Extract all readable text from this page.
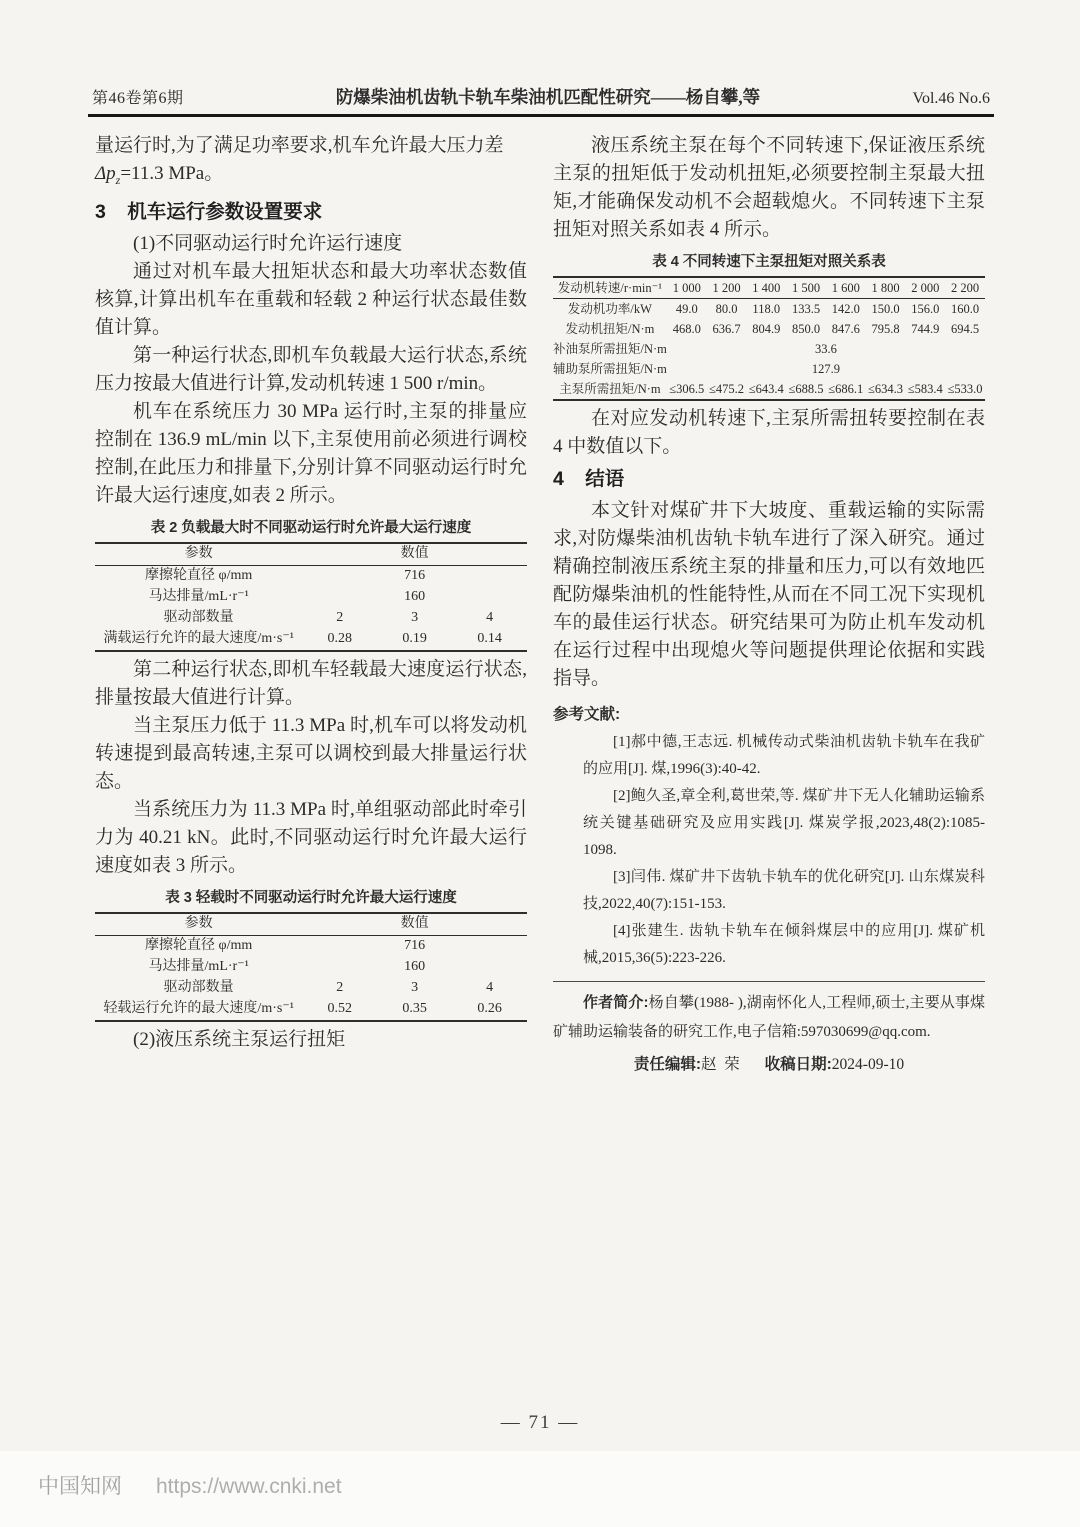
第46卷第6期	防爆柴油机齿轨卡轨车柴油机匹配性研究——杨自攀,等	Vol.46 No.6

量运行时,为了满足功率要求,机车允许最大压力差

$\Delta p_z=11.3$ MPa。

3 机车运行参数设置要求

(1)不同驱动运行时允许运行速度

通过对机车最大扭矩状态和最大功率状态数值核算,计算出机车在重载和轻载 2 种运行状态最佳数值计算。

第一种运行状态,即机车负载最大运行状态,系统压力按最大值进行计算,发动机转速 1 500 r/min。

机车在系统压力 30 MPa 运行时,主泵的排量应控制在 136.9 mL/min 以下,主泵使用前必须进行调校控制,在此压力和排量下,分别计算不同驱动运行时允许最大运行速度,如表 2 所示。

表 2 负载最大时不同驱动运行时允许最大运行速度
参数		数值	
摩擦轮直径 φ/mm		716	
马达排量/mL·r⁻¹		160	
驱动部数量	2	3	4
满载运行允许的最大速度/m·s⁻¹	0.28	0.19	0.14

第二种运行状态,即机车轻载最大速度运行状态,排量按最大值进行计算。

当主泵压力低于 11.3 MPa 时,机车可以将发动机转速提到最高转速,主泵可以调校到最大排量运行状态。

当系统压力为 11.3 MPa 时,单组驱动部此时牵引力为 40.21 kN。此时,不同驱动运行时允许最大运行速度如表 3 所示。

表 3 轻载时不同驱动运行时允许最大运行速度
参数		数值	
摩擦轮直径 φ/mm		716	
马达排量/mL·r⁻¹		160	
驱动部数量	2	3	4
轻载运行允许的最大速度/m·s⁻¹	0.52	0.35	0.26

(2)液压系统主泵运行扭矩

液压系统主泵在每个不同转速下,保证液压系统主泵的扭矩低于发动机扭矩,必须要控制主泵最大扭矩,才能确保发动机不会超载熄火。不同转速下主泵扭矩对照关系如表 4 所示。

表 4 不同转速下主泵扭矩对照关系表
发动机转速/r·min⁻¹	1 000	1 200	1 400	1 500	1 600	1 800	2 000	2 200
发动机功率/kW	49.0	80.0	118.0	133.5	142.0	150.0	156.0	160.0
发动机扭矩/N·m	468.0	636.7	804.9	850.0	847.6	795.8	744.9	694.5
补油泵所需扭矩/N·m	33.6							
辅助泵所需扭矩/N·m	127.9							
主泵所需扭矩/N·m	≤306.5	≤475.2	≤643.4	≤688.5	≤686.1	≤634.3	≤583.4	≤533.0

在对应发动机转速下,主泵所需扭转要控制在表 4 中数值以下。

4 结语

本文针对煤矿井下大坡度、重载运输的实际需求,对防爆柴油机齿轨卡轨车进行了深入研究。通过精确控制液压系统主泵的排量和压力,可以有效地匹配防爆柴油机的性能特性,从而在不同工况下实现机车的最佳运行状态。研究结果可为防止机车发动机在运行过程中出现熄火等问题提供理论依据和实践指导。

参考文献:

[1]郝中德,王志远. 机械传动式柴油机齿轨卡轨车在我矿的应用[J]. 煤,1996(3):40-42.

[2]鲍久圣,章全利,葛世荣,等. 煤矿井下无人化辅助运输系统关键基础研究及应用实践[J]. 煤炭学报,2023,48(2):1085-1098.

[3]闫伟. 煤矿井下齿轨卡轨车的优化研究[J]. 山东煤炭科技,2022,40(7):151-153.

[4]张建生. 齿轨卡轨车在倾斜煤层中的应用[J]. 煤矿机械,2015,36(5):223-226.

作者简介:杨自攀(1988- ),湖南怀化人,工程师,硕士,主要从事煤矿辅助运输装备的研究工作,电子信箱:597030699@qq.com.

责任编辑:赵  荣 收稿日期:2024-09-10
— 71 —
中国知网 https://www.cnki.net
